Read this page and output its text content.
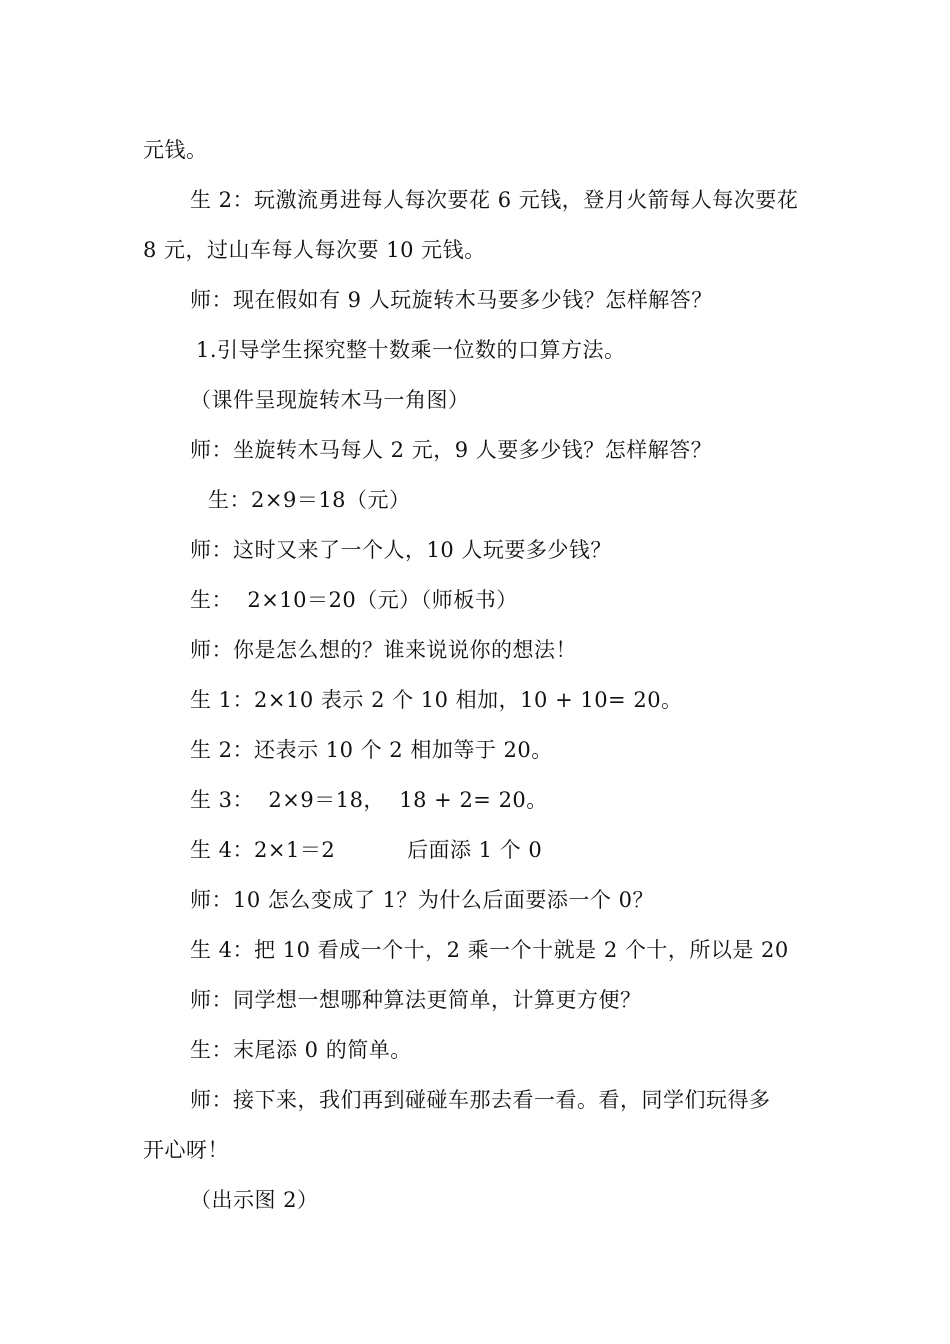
元钱。
生 2：玩激流勇进每人每次要花 6 元钱，登月火箭每人每次要花
8 元，过山车每人每次要 10 元钱。
师：现在假如有 9 人玩旋转木马要多少钱？怎样解答？
1.引导学生探究整十数乘一位数的口算方法。
（课件呈现旋转木马一角图）
师：坐旋转木马每人 2 元，9 人要多少钱？怎样解答？
生：2×9＝18（元）
师：这时又来了一个人，10 人玩要多少钱？
生：  2×10＝20（元）（师板书）
师：你是怎么想的？谁来说说你的想法！
生 1：2×10 表示 2 个 10 相加，10 + 10= 20。
生 2：还表示 10 个 2 相加等于 20。
生 3：  2×9＝18，  18 + 2= 20。
生 4：2×1＝2          后面添 1 个 0
师：10 怎么变成了 1？为什么后面要添一个 0？
生 4：把 10 看成一个十，2 乘一个十就是 2 个十，所以是 20
师：同学想一想哪种算法更简单，计算更方便？
生：末尾添 0 的简单。
师：接下来，我们再到碰碰车那去看一看。看，同学们玩得多
开心呀！
（出示图 2）
